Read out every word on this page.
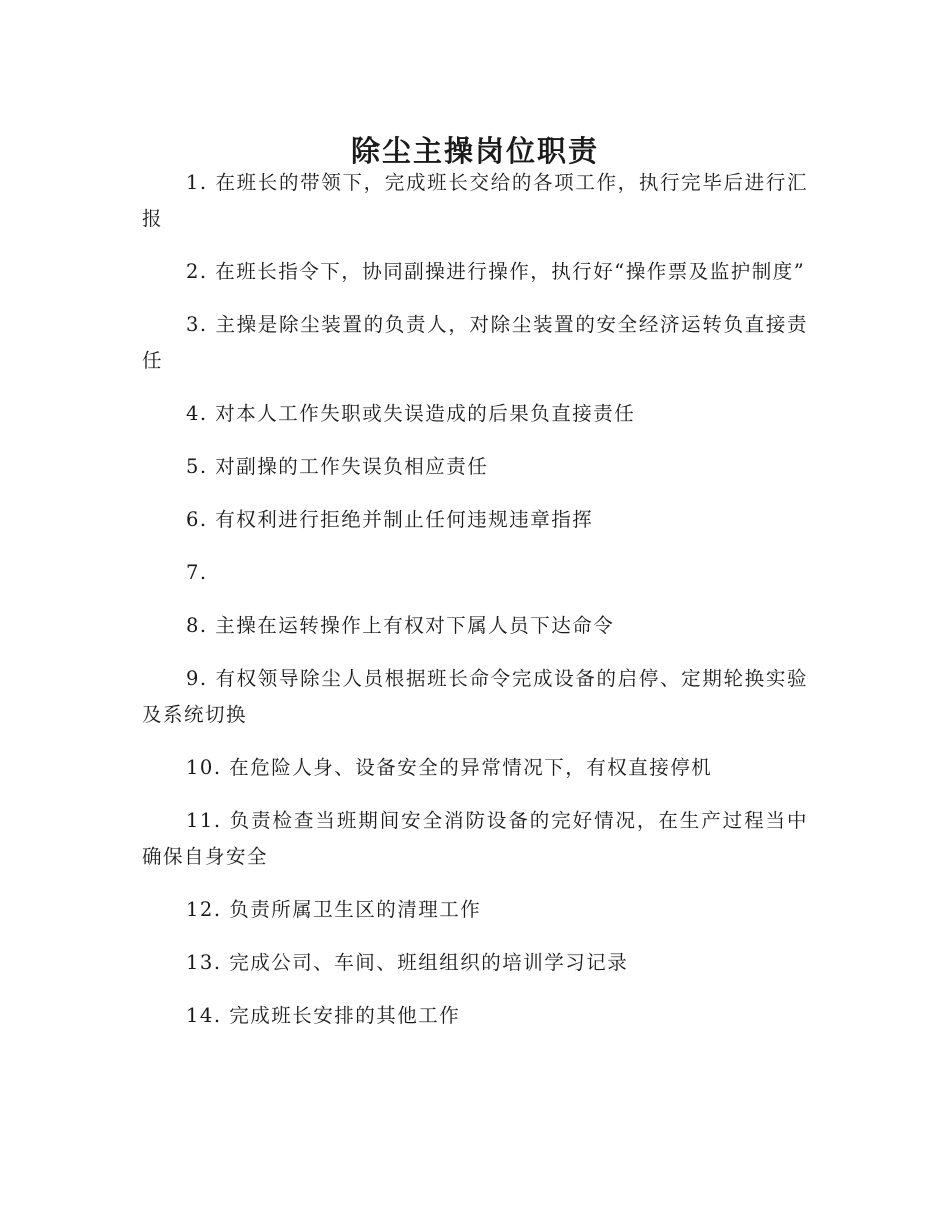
除尘主操岗位职责
1. 在班长的带领下，完成班长交给的各项工作，执行完毕后进行汇报
2. 在班长指令下，协同副操进行操作，执行好“操作票及监护制度”
3. 主操是除尘装置的负责人，对除尘装置的安全经济运转负直接责任
4. 对本人工作失职或失误造成的后果负直接责任
5. 对副操的工作失误负相应责任
6. 有权利进行拒绝并制止任何违规违章指挥
7.
8. 主操在运转操作上有权对下属人员下达命令
9. 有权领导除尘人员根据班长命令完成设备的启停、定期轮换实验及系统切换
10. 在危险人身、设备安全的异常情况下，有权直接停机
11. 负责检查当班期间安全消防设备的完好情况，在生产过程当中确保自身安全
12. 负责所属卫生区的清理工作
13. 完成公司、车间、班组组织的培训学习记录
14. 完成班长安排的其他工作
